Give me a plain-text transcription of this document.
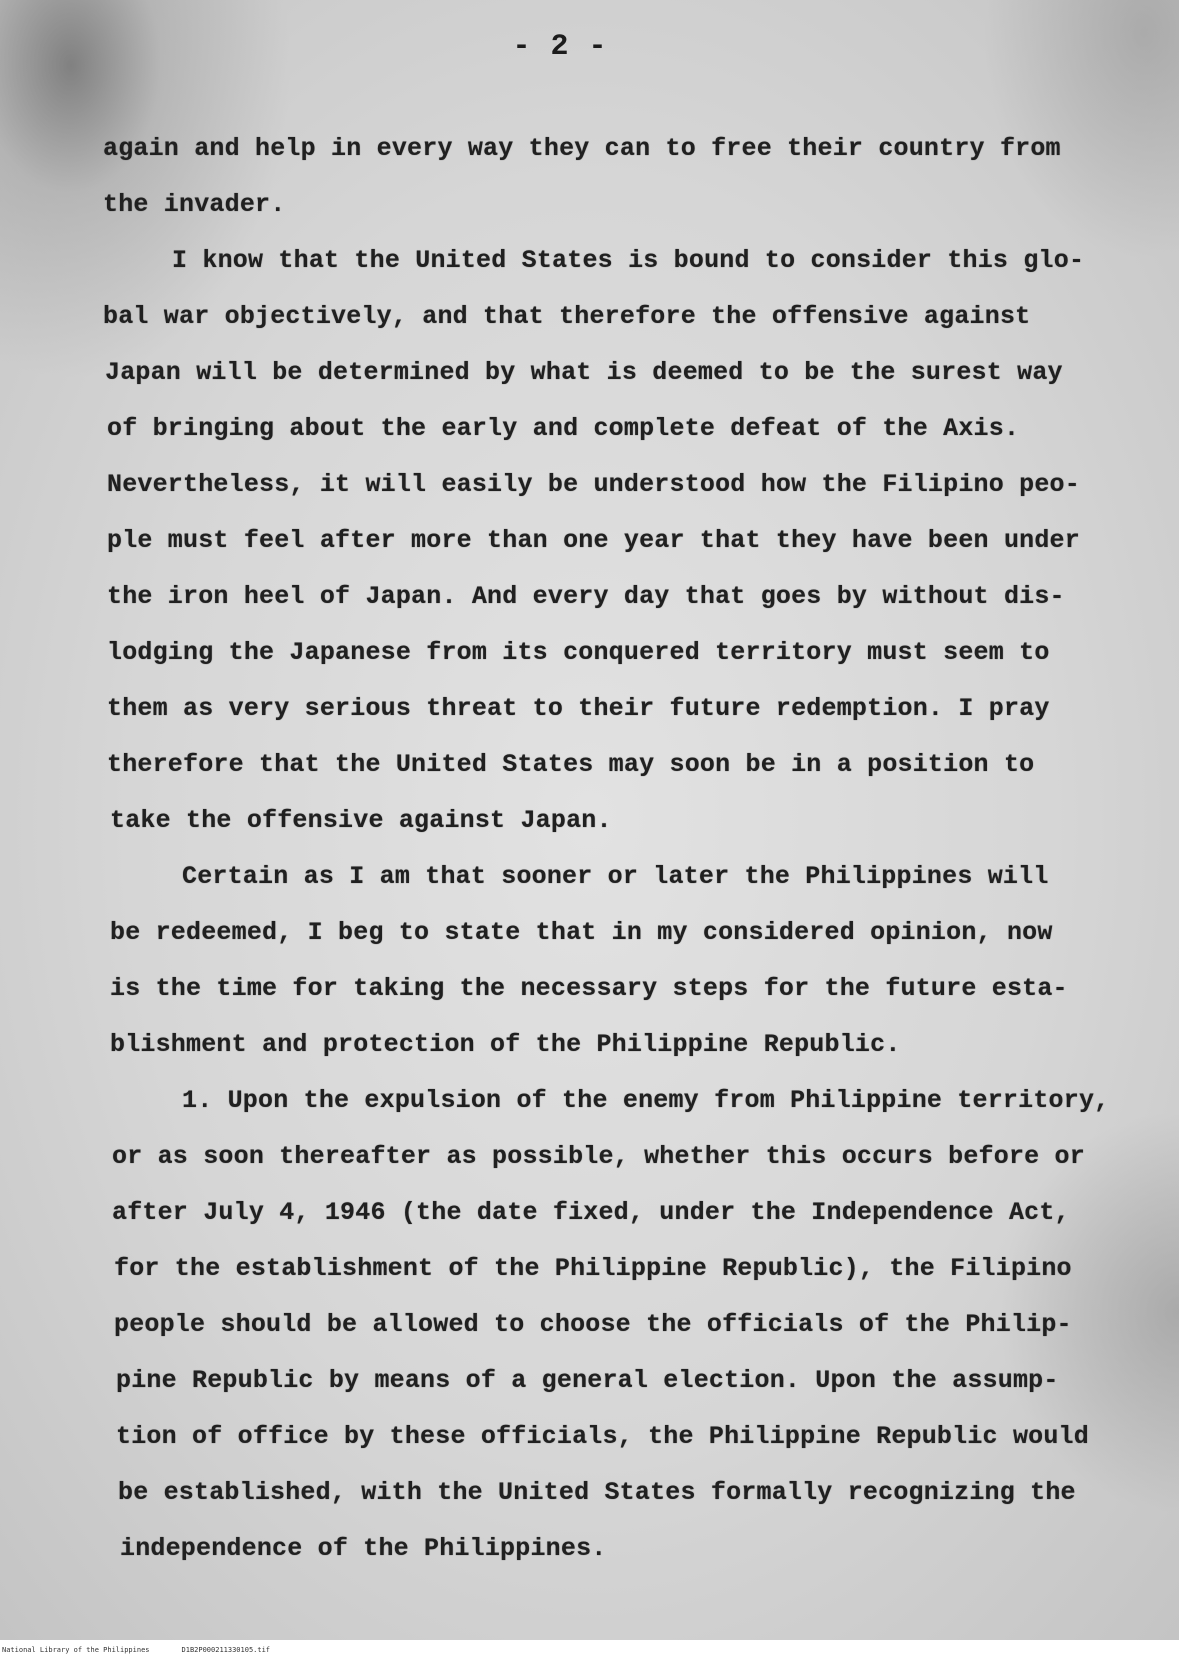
- 2 -
again and help in every way they can to free their country from
the invader.
I know that the United States is bound to consider this glo-
bal war objectively, and that therefore the offensive against
Japan will be determined by what is deemed to be the surest way
of bringing about the early and complete defeat of the Axis.
Nevertheless, it will easily be understood how the Filipino peo-
ple must feel after more than one year that they have been under
the iron heel of Japan. And every day that goes by without dis-
lodging the Japanese from its conquered territory must seem to
them as very serious threat to their future redemption. I pray
therefore that the United States may soon be in a position to
take the offensive against Japan.
Certain as I am that sooner or later the Philippines will
be redeemed, I beg to state that in my considered opinion, now
is the time for taking the necessary steps for the future esta-
blishment and protection of the Philippine Republic.
1. Upon the expulsion of the enemy from Philippine territory,
or as soon thereafter as possible, whether this occurs before or
after July 4, 1946 (the date fixed, under the Independence Act,
for the establishment of the Philippine Republic), the Filipino
people should be allowed to choose the officials of the Philip-
pine Republic by means of a general election. Upon the assump-
tion of office by these officials, the Philippine Republic would
be established, with the United States formally recognizing the
independence of the Philippines.
National Library of the Philippines	D1B2P000211330105.tif
